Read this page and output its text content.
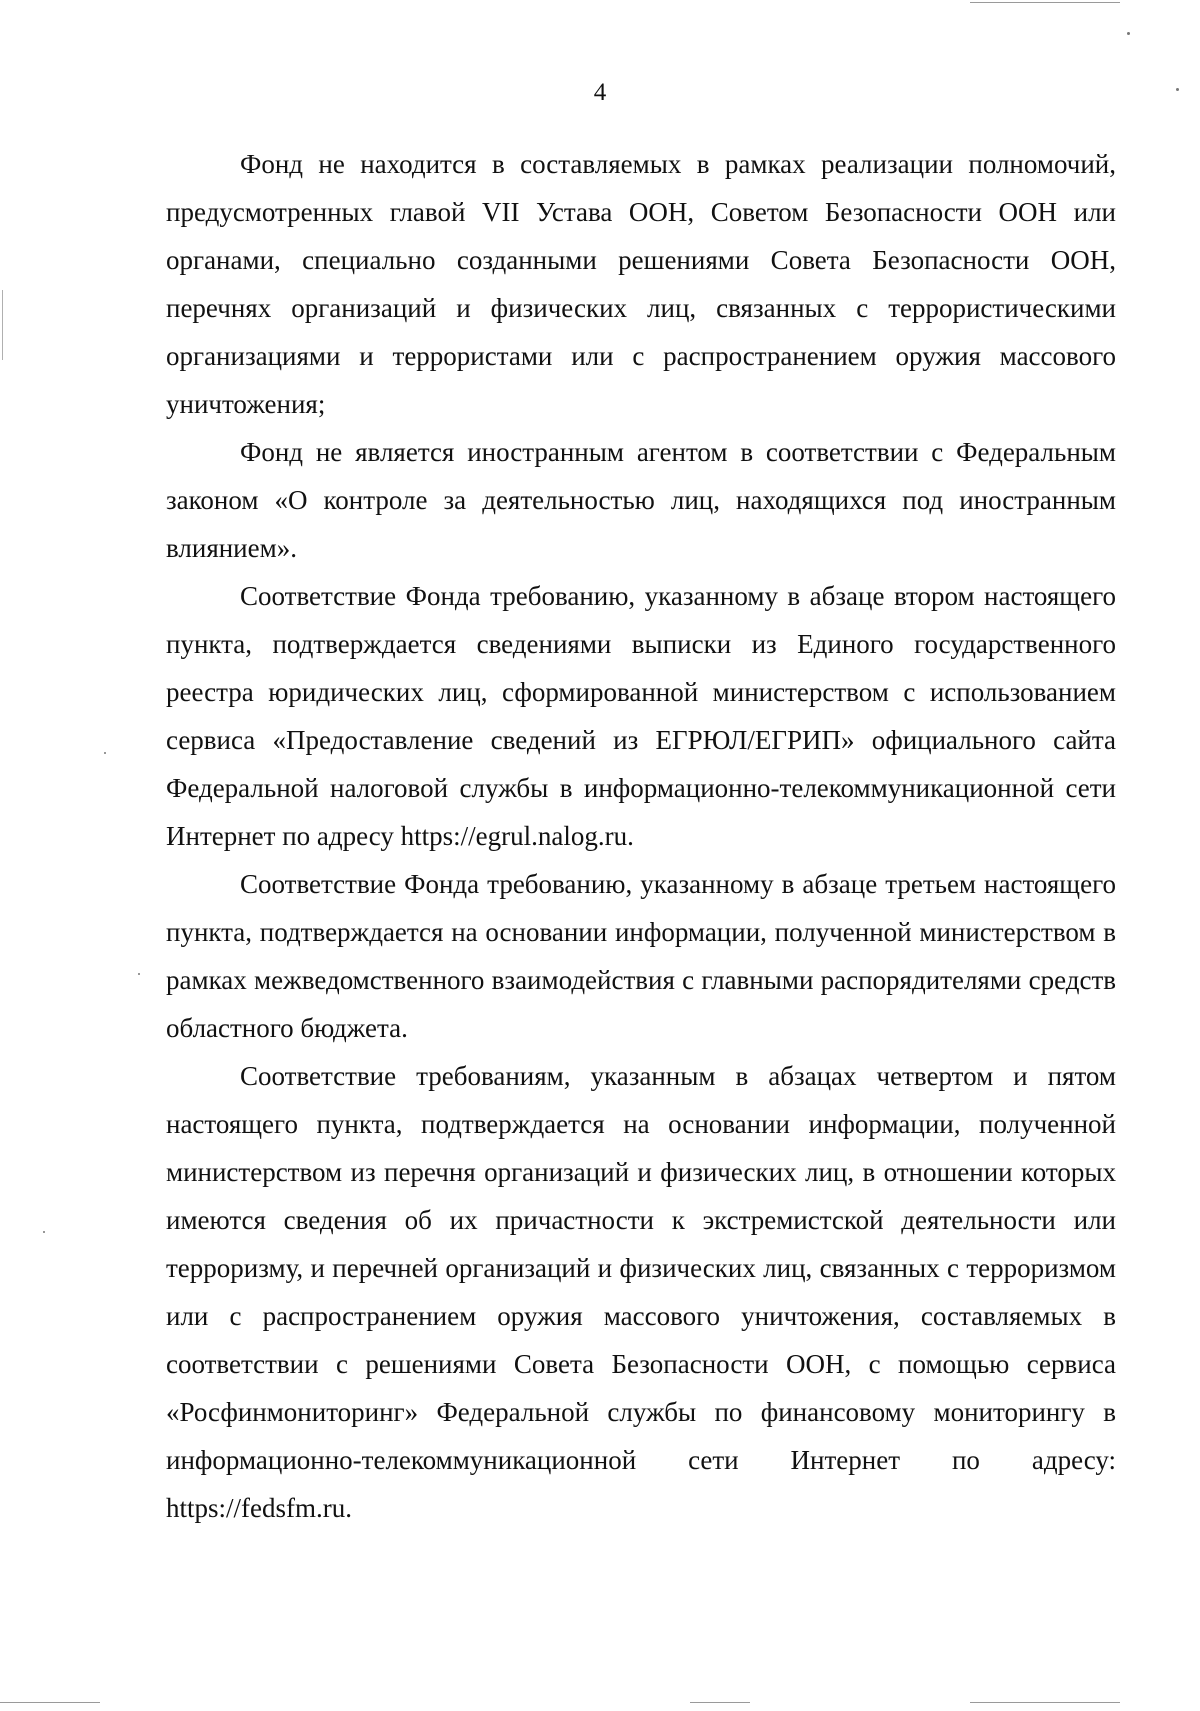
4

Фонд не находится в составляемых в рамках реализации полномочий, предусмотренных главой VII Устава ООН, Советом Безопасности ООН или органами, специально созданными решениями Совета Безопасности ООН, перечнях организаций и физических лиц, связанных с террористическими организациями и террористами или с распространением оружия массового уничтожения;

Фонд не является иностранным агентом в соответствии с Федеральным законом «О контроле за деятельностью лиц, находящихся под иностранным влиянием».

Соответствие Фонда требованию, указанному в абзаце втором настоящего пункта, подтверждается сведениями выписки из Единого государственного реестра юридических лиц, сформированной министерством с использованием сервиса «Предоставление сведений из ЕГРЮЛ/ЕГРИП» официального сайта Федеральной налоговой службы в информационно-телекоммуникационной сети Интернет по адресу https://egrul.nalog.ru.

Соответствие Фонда требованию, указанному в абзаце третьем настоящего пункта, подтверждается на основании информации, полученной министерством в рамках межведомственного взаимодействия с главными распорядителями средств областного бюджета.

Соответствие требованиям, указанным в абзацах четвертом и пятом настоящего пункта, подтверждается на основании информации, полученной министерством из перечня организаций и физических лиц, в отношении которых имеются сведения об их причастности к экстремистской деятельности или терроризму, и перечней организаций и физических лиц, связанных с терроризмом или с распространением оружия массового уничтожения, составляемых в соответствии с решениями Совета Безопасности ООН, с помощью сервиса «Росфинмониторинг» Федеральной службы по финансовому мониторингу в информационно-телекоммуникационной сети Интернет по адресу: https://fedsfm.ru.
